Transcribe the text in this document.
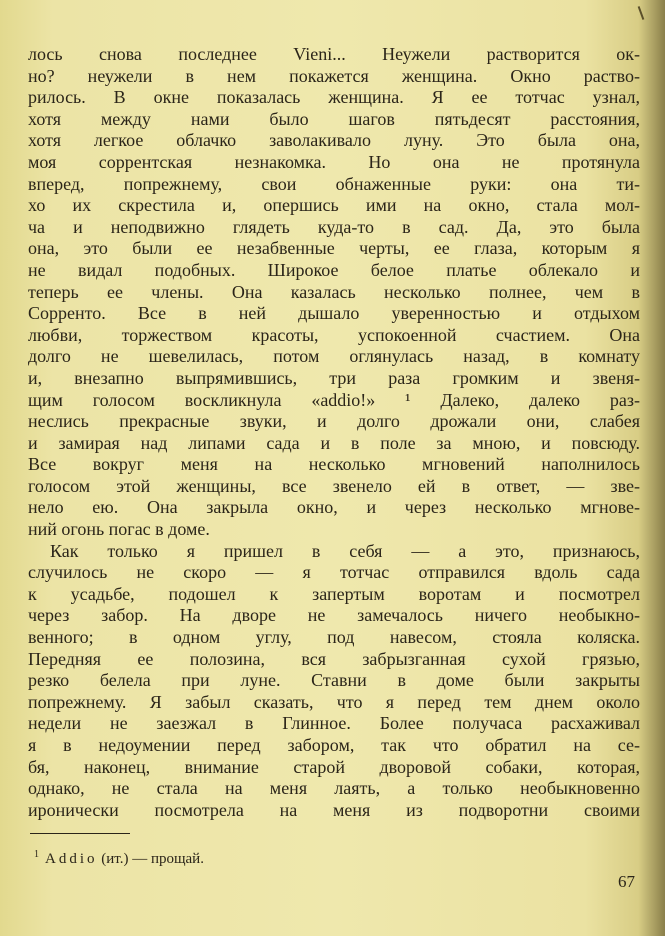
лось снова последнее Vieni... Неужели растворится ок-
но? неужели в нем покажется женщина. Окно раство-
рилось. В окне показалась женщина. Я ее тотчас узнал,
хотя между нами было шагов пятьдесят расстояния,
хотя легкое облачко заволакивало луну. Это была она,
моя соррентская незнакомка. Но она не протянула
вперед, попрежнему, свои обнаженные руки: она ти-
хо их скрестила и, опершись ими на окно, стала мол-
ча и неподвижно глядеть куда-то в сад. Да, это была
она, это были ее незабвенные черты, ее глаза, которым я
не видал подобных. Широкое белое платье облекало и
теперь ее члены. Она казалась несколько полнее, чем в
Сорренто. Все в ней дышало уверенностью и отдыхом
любви, торжеством красоты, успокоенной счастием. Она
долго не шевелилась, потом оглянулась назад, в комнату
и, внезапно выпрямившись, три раза громким и звеня-
щим голосом воскликнула «addio!» ¹ Далеко, далеко раз-
неслись прекрасные звуки, и долго дрожали они, слабея
и замирая над липами сада и в поле за мною, и повсюду.
Все вокруг меня на несколько мгновений наполнилось
голосом этой женщины, все звенело ей в ответ, — зве-
нело ею. Она закрыла окно, и через несколько мгнове-
ний огонь погас в доме.
Как только я пришел в себя — а это, признаюсь,
случилось не скоро — я тотчас отправился вдоль сада
к усадьбе, подошел к запертым воротам и посмотрел
через забор. На дворе не замечалось ничего необыкно-
венного; в одном углу, под навесом, стояла коляска.
Передняя ее полозина, вся забрызганная сухой грязью,
резко белела при луне. Ставни в доме были закрыты
попрежнему. Я забыл сказать, что я перед тем днем около
недели не заезжал в Глинное. Более получаса расхаживал
я в недоумении перед забором, так что обратил на се-
бя, наконец, внимание старой дворовой собаки, которая,
однако, не стала на меня лаять, а только необыкновенно
иронически посмотрела на меня из подворотни своими
$^1$ Addio (ит.) — прощай.
67
